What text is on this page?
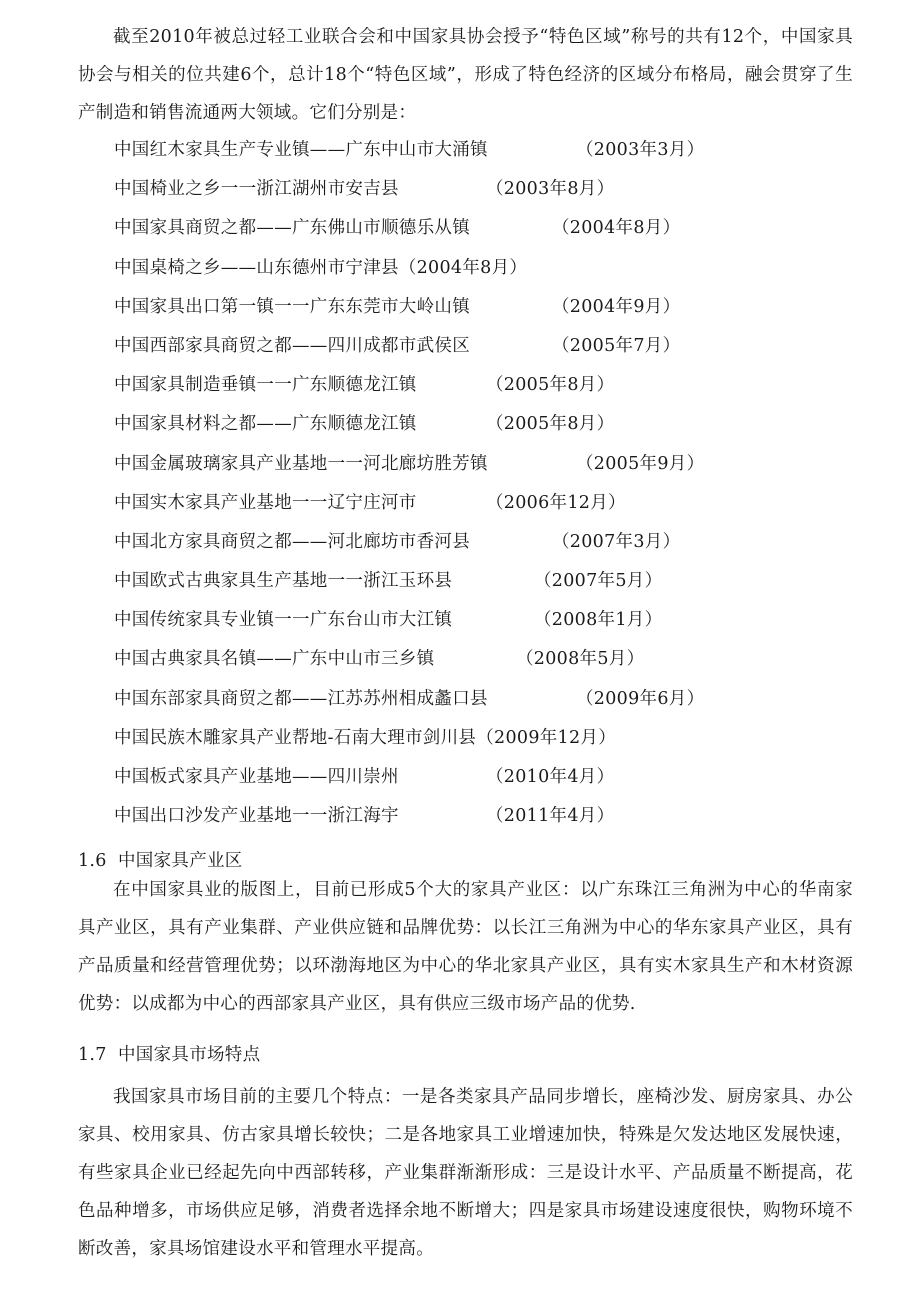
截至2010年被总过轻工业联合会和中国家具协会授予“特色区域”称号的共有12个，中国家具协会与相关的位共建6个，总计18个“特色区域”，形成了特色经济的区域分布格局，融会贯穿了生产制造和销售流通两大领域。它们分别是：

中国红木家具生产专业镇——广东中山市大涌镇	（2003年3月）
中国椅业之乡一一浙江湖州市安吉县	（2003年8月）
中国家具商贸之都——广东佛山市顺德乐从镇	（2004年8月）
中国桌椅之乡——山东德州市宁津县（2004年8月）
中国家具出口第一镇一一广东东莞市大岭山镇	（2004年9月）
中国西部家具商贸之都——四川成都市武侯区	（2005年7月）
中国家具制造垂镇一一广东顺德龙江镇	（2005年8月）
中国家具材料之都——广东顺德龙江镇	（2005年8月）
中国金属玻璃家具产业基地一一河北廊坊胜芳镇	（2005年9月）
中国实木家具产业基地一一辽宁庄河市	（2006年12月）
中国北方家具商贸之都——河北廊坊市香河县	（2007年3月）
中国欧式古典家具生产基地一一浙江玉环县	（2007年5月）
中国传统家具专业镇一一广东台山市大江镇	（2008年1月）
中国古典家具名镇——广东中山市三乡镇	（2008年5月）
中国东部家具商贸之都——江苏苏州相成蠡口县	（2009年6月）
中国民族木雕家具产业帮地-石南大理市剑川县（2009年12月）
中国板式家具产业基地——四川崇州	（2010年4月）
中国出口沙发产业基地一一浙江海宇	（2011年4月）
1.6 中国家具产业区

在中国家具业的版图上，目前已形成5个大的家具产业区：以广东珠江三角洲为中心的华南家具产业区，具有产业集群、产业供应链和品牌优势：以长江三角洲为中心的华东家具产业区，具有产品质量和经营管理优势；以环渤海地区为中心的华北家具产业区，具有实木家具生产和木材资源优势：以成都为中心的西部家具产业区，具有供应三级市场产品的优势.

1.7 中国家具市场特点

我国家具市场目前的主要几个特点：一是各类家具产品同步增长，座椅沙发、厨房家具、办公家具、校用家具、仿古家具增长较快；二是各地家具工业增速加快，特殊是欠发达地区发展快速，有些家具企业已经起先向中西部转移，产业集群渐渐形成：三是设计水平、产品质量不断提高，花色品种增多，市场供应足够，消费者选择余地不断增大；四是家具市场建设速度很快，购物环境不断改善，家具场馆建设水平和管理水平提高。
